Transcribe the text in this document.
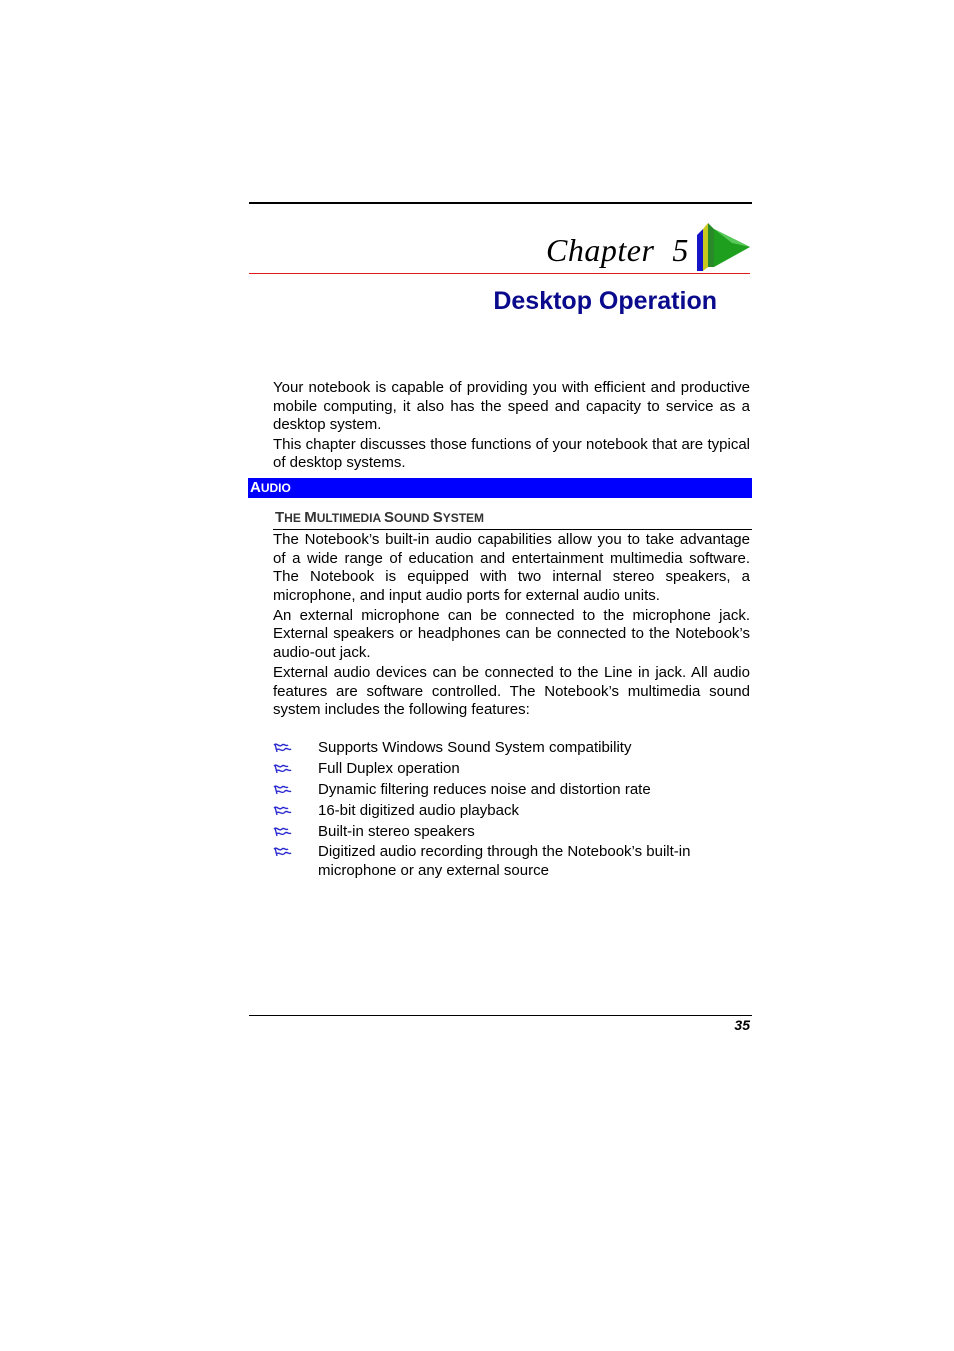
Chapter 5
Desktop Operation

Your notebook is capable of providing you with efficient and productive mobile computing, it also has the speed and capacity to service as a desktop system.

This chapter discusses those functions of your notebook that are typical of desktop systems.

AUDIO
THE MULTIMEDIA SOUND SYSTEM

The Notebook’s built-in audio capabilities allow you to take advantage of a wide range of education and entertainment multimedia software. The Notebook is equipped with two internal stereo speakers, a microphone, and input audio ports for external audio units.

An external microphone can be connected to the microphone jack. External speakers or headphones can be connected to the Notebook’s audio-out jack.

External audio devices can be connected to the Line in jack. All audio features are software controlled. The Notebook’s multimedia sound system includes the following features:

Supports Windows Sound System compatibility
Full Duplex operation
Dynamic filtering reduces noise and distortion rate
16-bit digitized audio playback
Built-in stereo speakers
Digitized audio recording through the Notebook’s built-in microphone or any external source
35
